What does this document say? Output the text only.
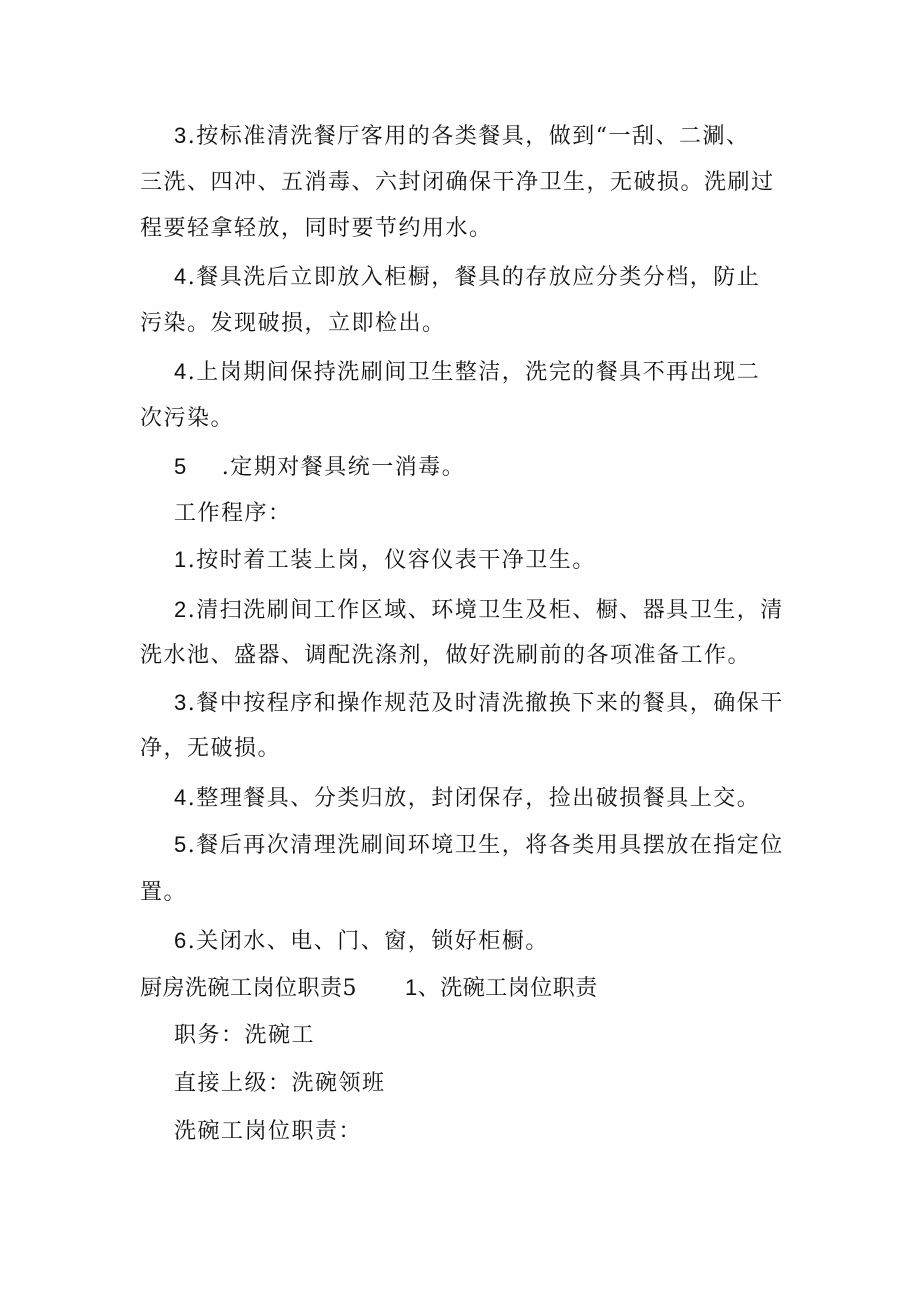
3.按标准清洗餐厅客用的各类餐具，做到“一刮、二涮、
三洗、四冲、五消毒、六封闭确保干净卫生，无破损。洗刷过
程要轻拿轻放，同时要节约用水。
4.餐具洗后立即放入柜橱，餐具的存放应分类分档，防止
污染。发现破损，立即检出。
4.上岗期间保持洗刷间卫生整洁，洗完的餐具不再出现二
次污染。
5 .定期对餐具统一消毒。
工作程序：
1.按时着工装上岗，仪容仪表干净卫生。
2.清扫洗刷间工作区域、环境卫生及柜、橱、器具卫生，清
洗水池、盛器、调配洗涤剂，做好洗刷前的各项准备工作。
3.餐中按程序和操作规范及时清洗撤换下来的餐具，确保干
净，无破损。
4.整理餐具、分类归放，封闭保存，捡出破损餐具上交。
5.餐后再次清理洗刷间环境卫生，将各类用具摆放在指定位
置。
6.关闭水、电、门、窗，锁好柜橱。
厨房洗碗工岗位职责5 1、洗碗工岗位职责
职务：洗碗工
直接上级：洗碗领班
洗碗工岗位职责：
